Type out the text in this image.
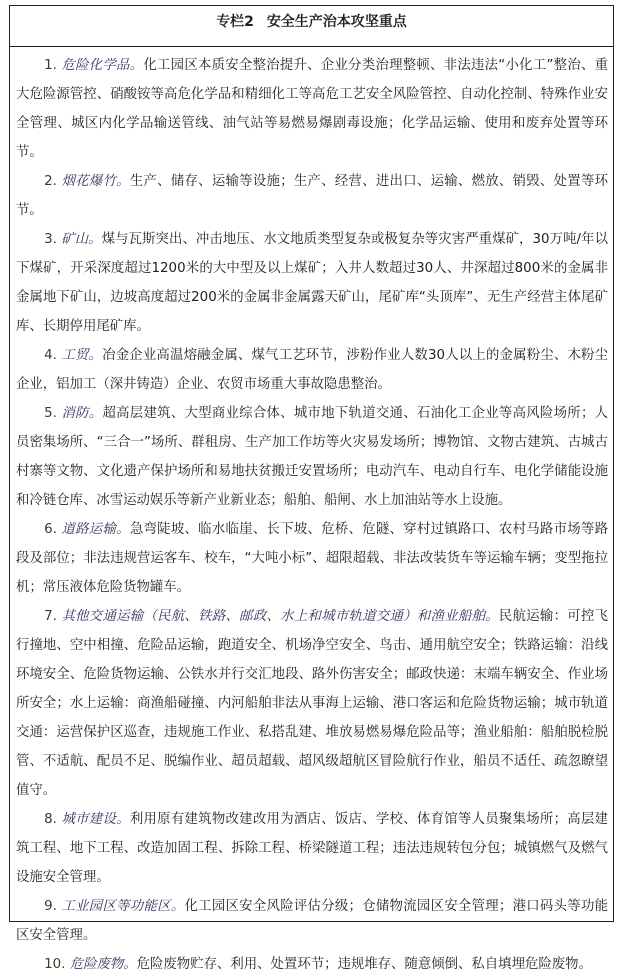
专栏2 安全生产治本攻坚重点

1. 危险化学品。化工园区本质安全整治提升、企业分类治理整顿、非法违法“小化工”整治、重大危险源管控、硝酸铵等高危化学品和精细化工等高危工艺安全风险管控、自动化控制、特殊作业安全管理、城区内化学品输送管线、油气站等易燃易爆剧毒设施；化学品运输、使用和废弃处置等环节。

2. 烟花爆竹。生产、储存、运输等设施；生产、经营、进出口、运输、燃放、销毁、处置等环节。

3. 矿山。煤与瓦斯突出、冲击地压、水文地质类型复杂或极复杂等灾害严重煤矿，30万吨/年以下煤矿，开采深度超过1200米的大中型及以上煤矿；入井人数超过30人、井深超过800米的金属非金属地下矿山，边坡高度超过200米的金属非金属露天矿山，尾矿库“头顶库”、无生产经营主体尾矿库、长期停用尾矿库。

4. 工贸。冶金企业高温熔融金属、煤气工艺环节，涉粉作业人数30人以上的金属粉尘、木粉尘企业，铝加工（深井铸造）企业、农贸市场重大事故隐患整治。

5. 消防。超高层建筑、大型商业综合体、城市地下轨道交通、石油化工企业等高风险场所；人员密集场所、“三合一”场所、群租房、生产加工作坊等火灾易发场所；博物馆、文物古建筑、古城古村寨等文物、文化遗产保护场所和易地扶贫搬迁安置场所；电动汽车、电动自行车、电化学储能设施和冷链仓库、冰雪运动娱乐等新产业新业态；船舶、船闸、水上加油站等水上设施。

6. 道路运输。急弯陡坡、临水临崖、长下坡、危桥、危隧、穿村过镇路口、农村马路市场等路段及部位；非法违规营运客车、校车，“大吨小标”、超限超载、非法改装货车等运输车辆；变型拖拉机；常压液体危险货物罐车。

7. 其他交通运输（民航、铁路、邮政、水上和城市轨道交通）和渔业船舶。民航运输：可控飞行撞地、空中相撞、危险品运输，跑道安全、机场净空安全、鸟击、通用航空安全；铁路运输：沿线环境安全、危险货物运输、公铁水并行交汇地段、路外伤害安全；邮政快递：末端车辆安全、作业场所安全；水上运输：商渔船碰撞、内河船舶非法从事海上运输、港口客运和危险货物运输；城市轨道交通：运营保护区巡查，违规施工作业、私搭乱建、堆放易燃易爆危险品等；渔业船舶：船舶脱检脱管、不适航、配员不足、脱编作业、超员超载、超风级超航区冒险航行作业，船员不适任、疏忽瞭望值守。

8. 城市建设。利用原有建筑物改建改用为酒店、饭店、学校、体育馆等人员聚集场所；高层建筑工程、地下工程、改造加固工程、拆除工程、桥梁隧道工程；违法违规转包分包；城镇燃气及燃气设施安全管理。

9. 工业园区等功能区。化工园区安全风险评估分级；仓储物流园区安全管理；港口码头等功能区安全管理。

10. 危险废物。危险废物贮存、利用、处置环节；违规堆存、随意倾倒、私自填埋危险废物。
